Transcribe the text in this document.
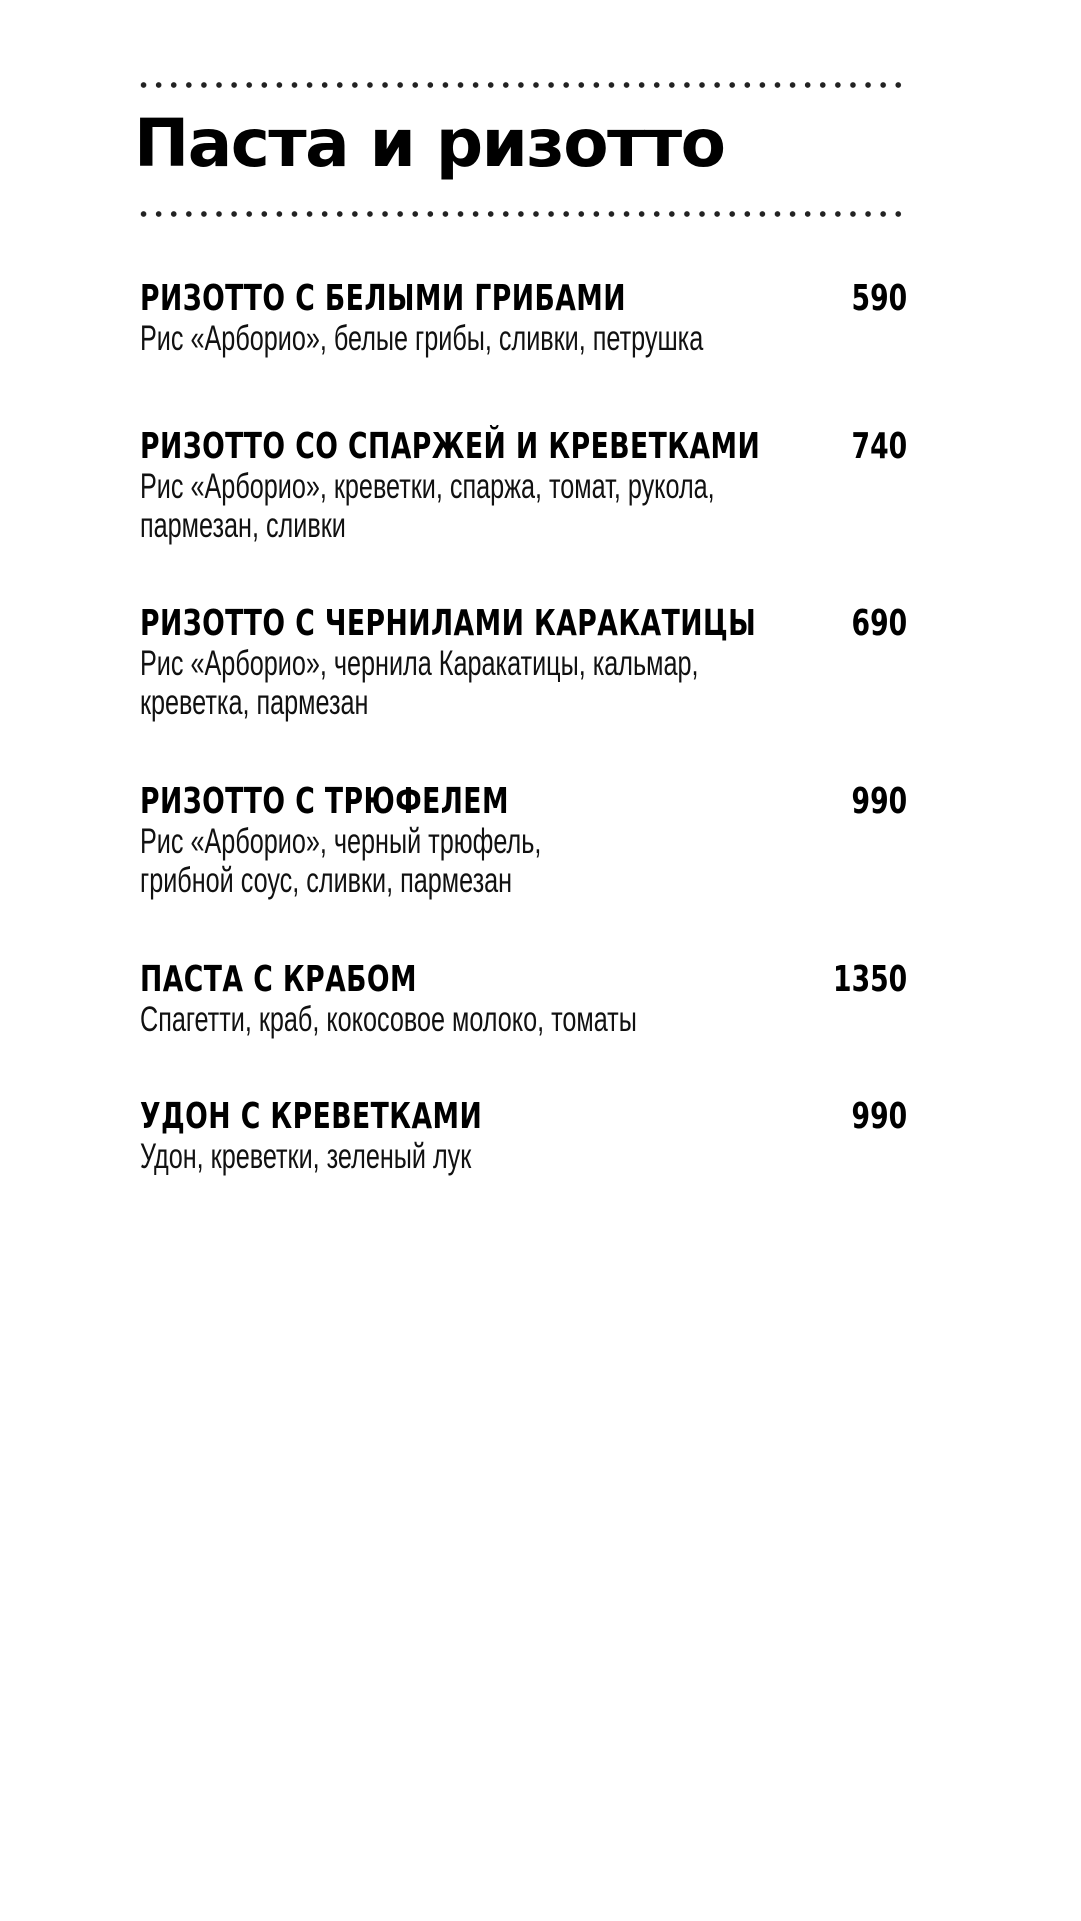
Паста и ризотто
РИЗОТТО С БЕЛЫМИ ГРИБАМИ	590

Рис «Арборио», белые грибы, сливки, петрушка

РИЗОТТО СО СПАРЖЕЙ И КРЕВЕТКАМИ	740

Рис «Арборио», креветки, спаржа, томат, рукола,
пармезан, сливки

РИЗОТТО С ЧЕРНИЛАМИ КАРАКАТИЦЫ	690

Рис «Арборио», чернила Каракатицы, кальмар,
креветка, пармезан

РИЗОТТО С ТРЮФЕЛЕМ	990

Рис «Арборио», черный трюфель,
грибной соус, сливки, пармезан

ПАСТА С КРАБОМ	1350

Спагетти, краб, кокосовое молоко, томаты

УДОН С КРЕВЕТКАМИ	990

Удон, креветки, зеленый лук
